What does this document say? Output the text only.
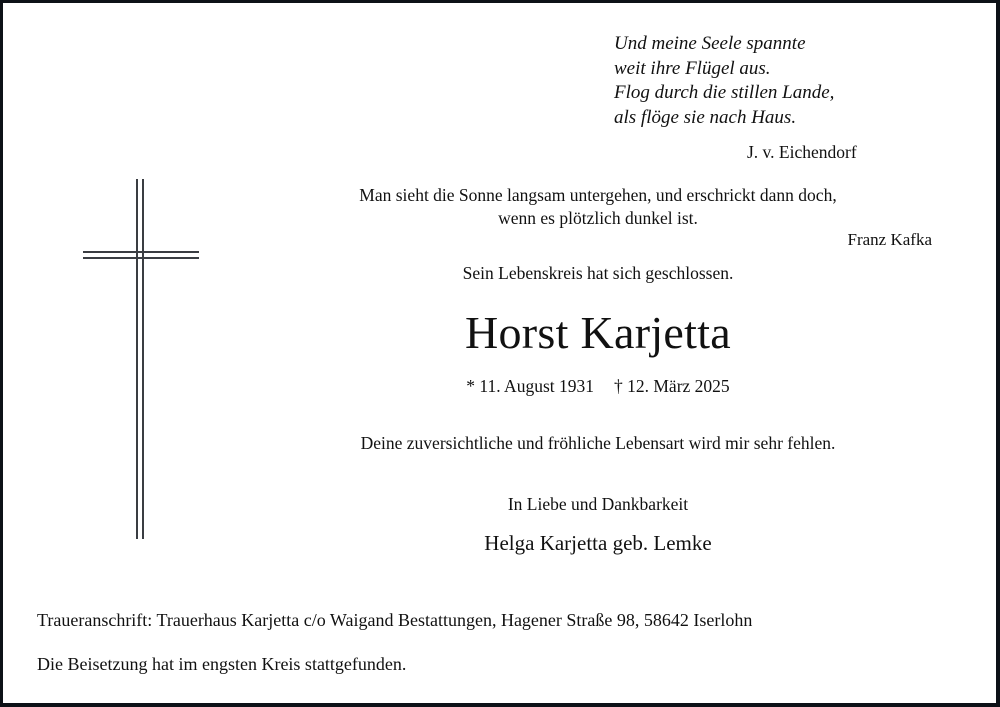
Und meine Seele spannte
weit ihre Flügel aus.
Flog durch die stillen Lande,
als flöge sie nach Haus.
J. v. Eichendorf
Man sieht die Sonne langsam untergehen, und erschrickt dann doch,
wenn es plötzlich dunkel ist.
Franz Kafka
Sein Lebenskreis hat sich geschlossen.
Horst Karjetta
* 11. August 1931 † 12. März 2025
Deine zuversichtliche und fröhliche Lebensart wird mir sehr fehlen.
In Liebe und Dankbarkeit
Helga Karjetta geb. Lemke
Traueranschrift: Trauerhaus Karjetta c/o Waigand Bestattungen, Hagener Straße 98, 58642 Iserlohn
Die Beisetzung hat im engsten Kreis stattgefunden.
